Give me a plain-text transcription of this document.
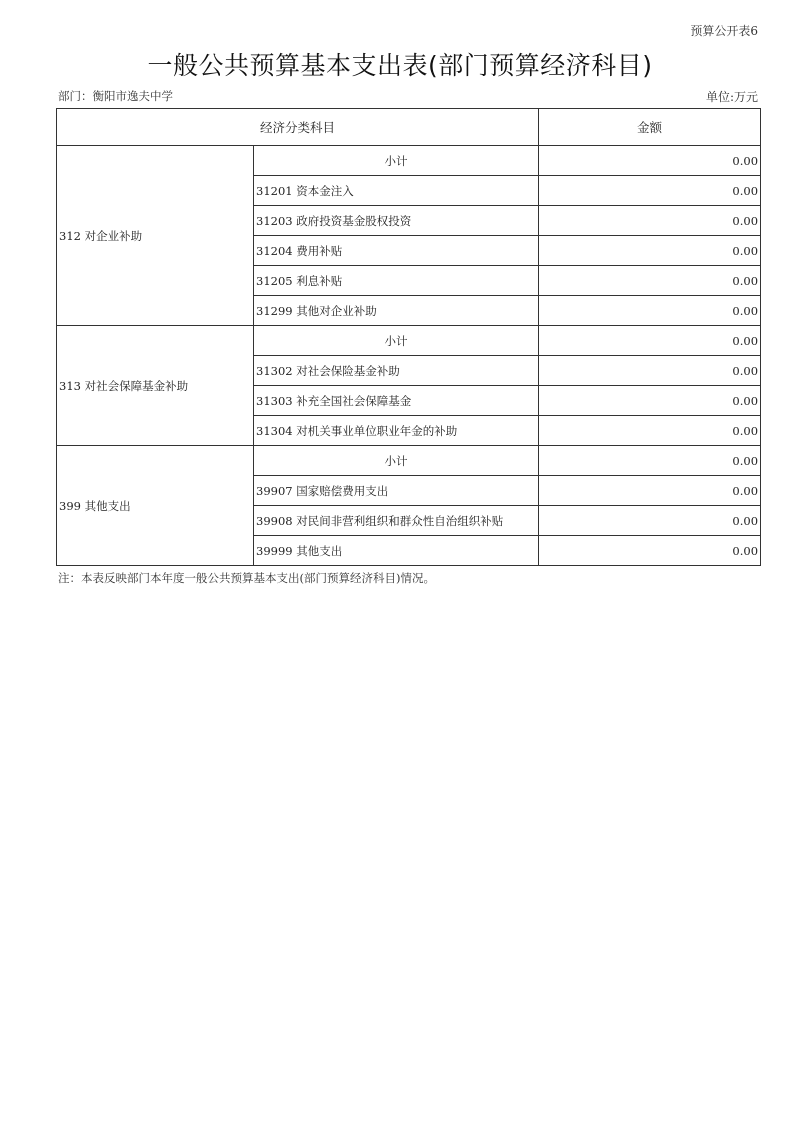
预算公开表6
一般公共预算基本支出表(部门预算经济科目)
部门：衡阳市逸夫中学	单位:万元
经济分类科目		金额
312 对企业补助	小计	0.00
	31201 资本金注入	0.00
	31203 政府投资基金股权投资	0.00
	31204 费用补贴	0.00
	31205 利息补贴	0.00
	31299 其他对企业补助	0.00
313 对社会保障基金补助	小计	0.00
	31302 对社会保险基金补助	0.00
	31303 补充全国社会保障基金	0.00
	31304 对机关事业单位职业年金的补助	0.00
399 其他支出	小计	0.00
	39907 国家赔偿费用支出	0.00
	39908 对民间非营利组织和群众性自治组织补贴	0.00
	39999 其他支出	0.00
注：本表反映部门本年度一般公共预算基本支出(部门预算经济科目)情况。
